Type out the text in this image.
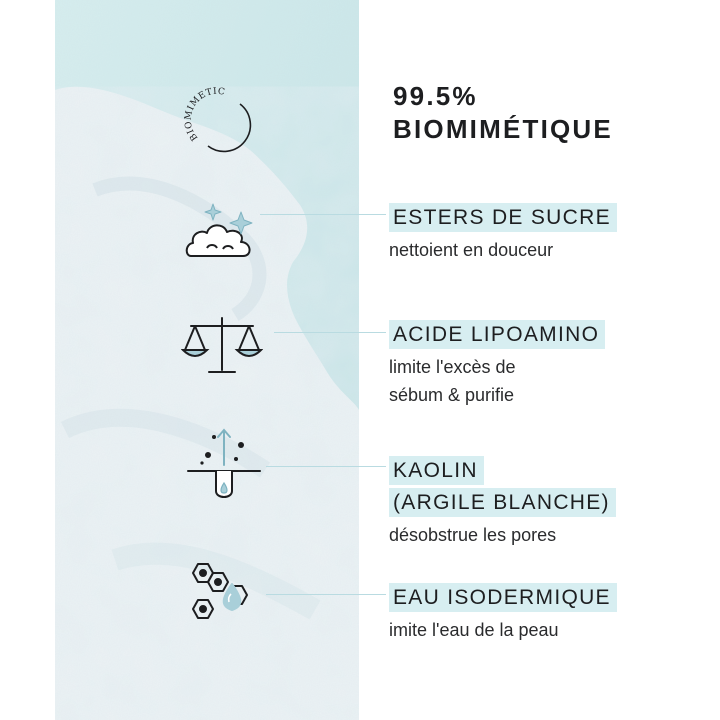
BIOMIMETIC	99.5%
BIOMIMÉTIQUE
ESTERS DE SUCRE
nettoient en douceur
ACIDE LIPOAMINO
limite l'excès de
sébum & purifie
KAOLIN
(ARGILE BLANCHE)
désobstrue les pores
EAU ISODERMIQUE
imite l'eau de la peau
